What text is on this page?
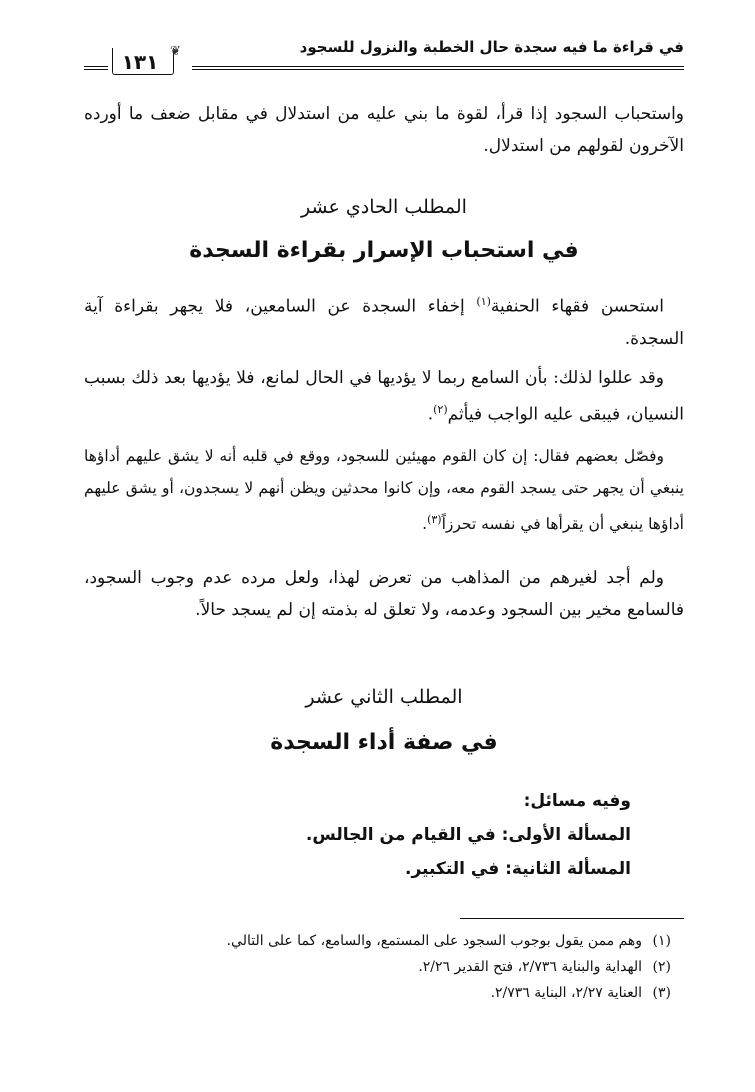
في قراءة ما فيه سجدة حال الخطبة والنزول للسجود
١٣١ ❦

واستحباب السجود إذا قرأ، لقوة ما بني عليه من استدلال في مقابل ضعف ما أورده الآخرون لقولهم من استدلال.

المطلب الحادي عشر
في استحباب الإسرار بقراءة السجدة

استحسن فقهاء الحنفية$^{(١)}$ إخفاء السجدة عن السامعين، فلا يجهر بقراءة آية السجدة.

وقد عللوا لذلك: بأن السامع ربما لا يؤديها في الحال لمانع، فلا يؤديها بعد ذلك بسبب النسيان، فيبقى عليه الواجب فيأثم$^{(٢)}$.

وفصّل بعضهم فقال: إن كان القوم مهيئين للسجود، ووقع في قلبه أنه لا يشق عليهم أداؤها ينبغي أن يجهر حتى يسجد القوم معه، وإن كانوا محدثين ويظن أنهم لا يسجدون، أو يشق عليهم أداؤها ينبغي أن يقرأها في نفسه تحرزاً$^{(٣)}$.

ولم أجد لغيرهم من المذاهب من تعرض لهذا، ولعل مرده عدم وجوب السجود، فالسامع مخير بين السجود وعدمه، ولا تعلق له بذمته إن لم يسجد حالاً.

المطلب الثاني عشر
في صفة أداء السجدة
وفيه مسائل:
المسألة الأولى: في القيام من الجالس.
المسألة الثانية: في التكبير.
(١) وهم ممن يقول بوجوب السجود على المستمع، والسامع، كما على التالي.
(٢) الهداية والبناية ٢/٧٣٦، فتح القدير ٢/٢٦.
(٣) العناية ٢/٢٧، البناية ٢/٧٣٦.
